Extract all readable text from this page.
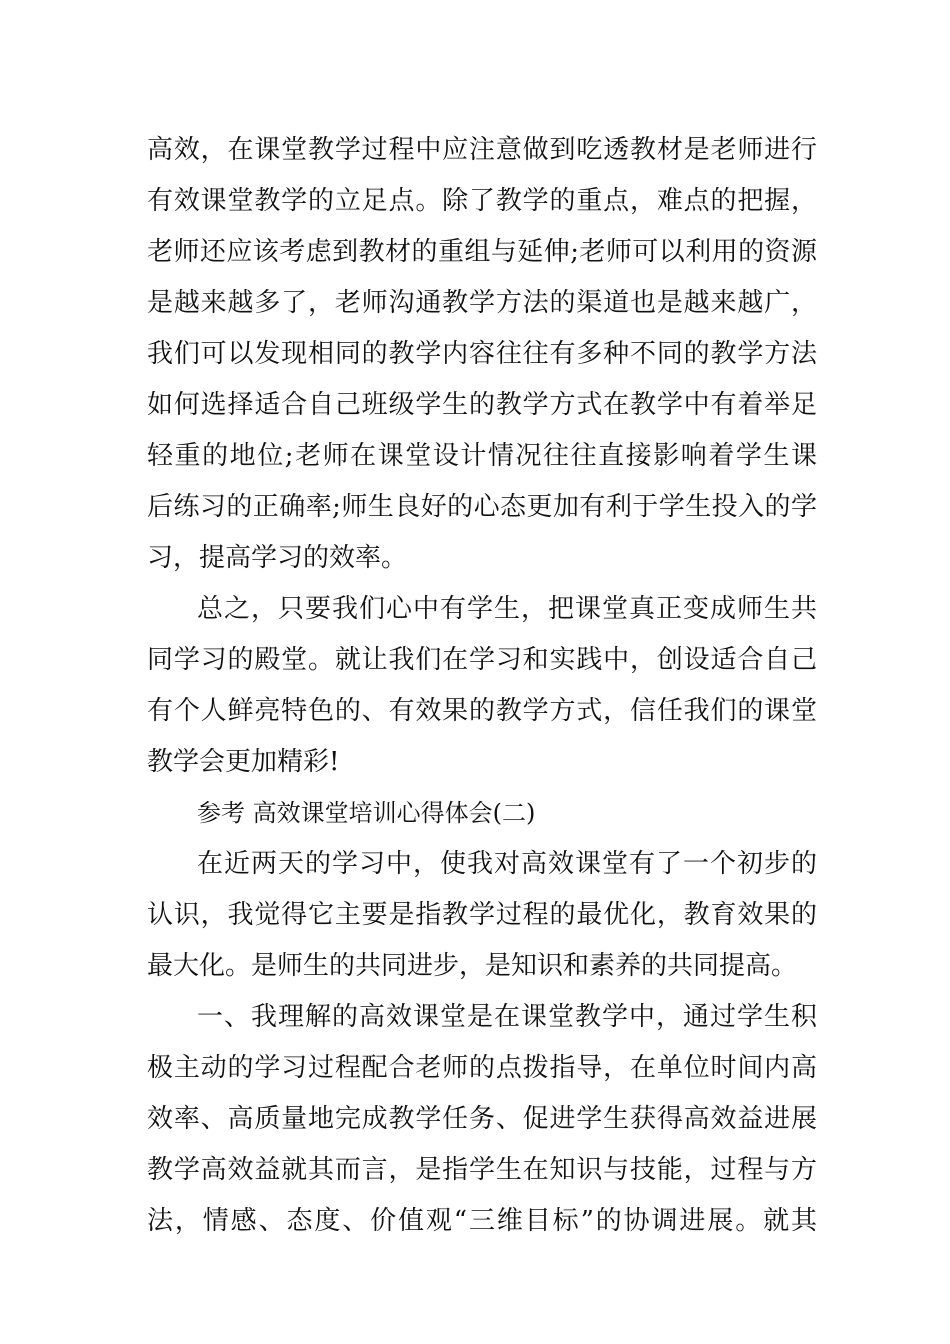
高效，在课堂教学过程中应注意做到吃透教材是老师进行
有效课堂教学的立足点。除了教学的重点，难点的把握，
老师还应该考虑到教材的重组与延伸;老师可以利用的资源
是越来越多了，老师沟通教学方法的渠道也是越来越广，
我们可以发现相同的教学内容往往有多种不同的教学方法
如何选择适合自己班级学生的教学方式在教学中有着举足
轻重的地位;老师在课堂设计情况往往直接影响着学生课
后练习的正确率;师生良好的心态更加有利于学生投入的学
习，提高学习的效率。
总之，只要我们心中有学生，把课堂真正变成师生共
同学习的殿堂。就让我们在学习和实践中，创设适合自己
有个人鲜亮特色的、有效果的教学方式，信任我们的课堂
教学会更加精彩!
参考 高效课堂培训心得体会(二)
在近两天的学习中，使我对高效课堂有了一个初步的
认识，我觉得它主要是指教学过程的最优化，教育效果的
最大化。是师生的共同进步，是知识和素养的共同提高。
一、我理解的高效课堂是在课堂教学中，通过学生积
极主动的学习过程配合老师的点拨指导，在单位时间内高
效率、高质量地完成教学任务、促进学生获得高效益进展
教学高效益就其而言，是指学生在知识与技能，过程与方
法，情感、态度、价值观“三维目标”的协调进展。就其
